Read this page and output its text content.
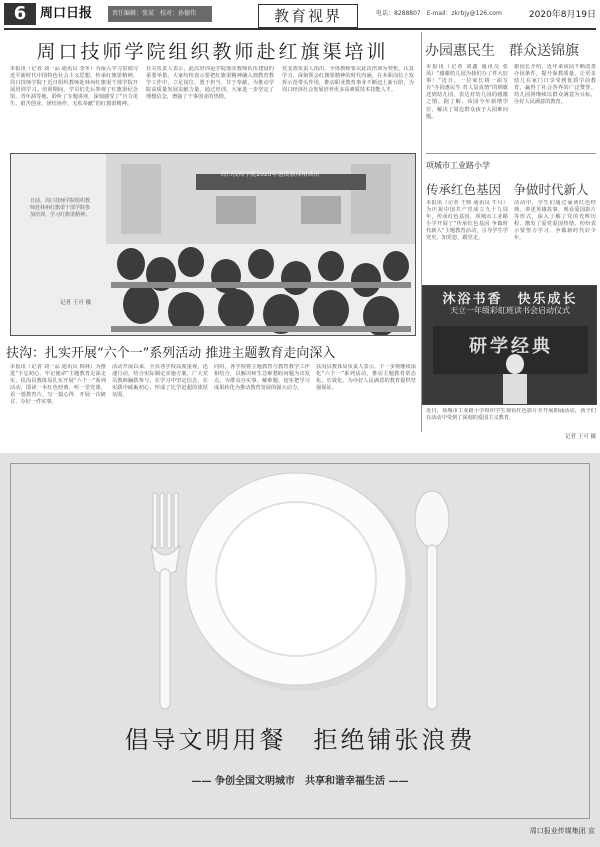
6	周口日报	责任编辑：张某　校对：孙德伟	教育视界	电话：8288807　E-mail：zkrbjy@126.com	2020年8月19日
周口技师学院组织教师赴红旗渠培训	办园惠民生　群众送锦旗
本报讯（记者 刘一品 通讯员 李冬）为深入学习贯彻习近平新时代中国特色社会主义思想，传承红旗渠精神，周口技师学院于近日组织教师赴林州红旗渠干部学院开展培训学习。培训期间，学员们先后参观了红旗渠纪念馆、青年洞等地，聆听了专题讲座，深刻感受了“自力更生、艰苦创业、团结协作、无私奉献”的红旗渠精神。
有关负责人表示，此次培训是学院落实教师队伍建设的重要举措，大家纷纷表示要把红旗渠精神融入到教育教学工作中，立足岗位、勇于担当、甘于奉献，为推动学院高质量发展贡献力量。通过培训，大家进一步坚定了理想信念，增强了干事创业的热情。
党支部负责人指出，全体教师要以此次培训为契机，认真学习、深刻领会红旗渠精神的时代内涵，在本职岗位上发挥示范带头作用，推动职业教育事业不断迈上新台阶，为周口经济社会发展培养更多高素质技术技能人才。
本报讯（记者 刘鑫 通讯员 张凤）“感谢幼儿园为我们办了件大好事！”近日，一位家长将一面写有“办园惠民生 育人显真情”的锦旗送到幼儿园，表达对幼儿园的感激之情。据了解，该园今年新增学位，解决了周边群众孩子入园难问题。
据园长介绍，近年来该园不断改善办园条件，提升保教质量，让更多幼儿在家门口享受到优质学前教育，赢得了社会各界的广泛赞誉。幼儿园将继续以群众满意为目标，办好人民满意的教育。
周口技师学院2020年暑期教师培训班
日前，周口技师学院组织教师赴林州红旗渠干部学院参加培训，学习红旗渠精神。
记者 王可 摄
项城市工业路小学
传承红色基因　争做时代新人
本报讯（记者 王帅 通讯员 牛丹）为庆祝中国共产党成立九十九周年，传承红色基因，项城市工业路小学开展了“传承红色基因 争做时代新人”主题教育活动，引导学生学党史、知党恩、跟党走。
活动中，学生们通过诵读红色经典、讲述英雄故事、观看爱国影片等形式，深入了解了党的光辉历程，激发了爱党爱国热情，纷纷表示要努力学习，争做新时代好少年。
沐浴书香　快乐成长
天立一年级彩虹班读书会启动仪式
研学经典
近日，项城市工业路小学组织学生观看红色影片并开展朗诵活动，孩子们在活动中受到了深刻的爱国主义教育。
记者 王可 摄
扶沟：扎实开展“六个一”系列活动 推进主题教育走向深入
本报讯（记者 刘一品 通讯员 韩林）为推进“不忘初心、牢记使命”主题教育走深走实，扶沟县教体局扎实开展“六个一”系列活动，即读一本红色经典、听一堂党课、看一部教育片、写一篇心得、开展一次研讨、办好一件实事。
活动开展以来，全县各学校高度重视，迅速行动，结合实际制定实施方案，广大党员教师踊跃参与，在学习中坚定信念，在实践中砥砺初心，形成了比学赶超的浓厚氛围。
同时，各学校将主题教育与教育教学工作相结合，以解决师生急难愁盼问题为出发点，为群众办实事、解难题，切实把学习成果转化为推动教育发展的强大动力。
扶沟县教体局负责人表示，下一步将继续深化“六个一”系列活动，推动主题教育常态化、长效化，为办好人民满意的教育提供坚强保证。
倡导文明用餐　拒绝铺张浪费
—— 争创全国文明城市　共享和谐幸福生活 ——
周口报业传媒集团 宣
